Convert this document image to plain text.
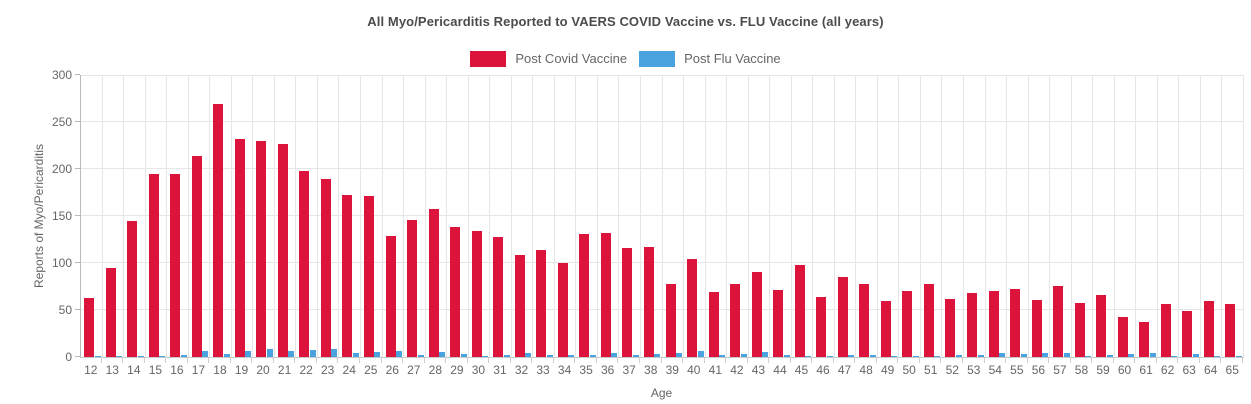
All Myo/Pericarditis Reported to VAERS COVID Vaccine vs. FLU Vaccine (all years)
Post Covid Vaccine	Post Flu Vaccine
Reports of Myo/Pericarditis
Age
0
50
100
150
200
250
300
12 13 14 15 16 17 18 19 20 21 22 23 24 25 26 27 28 29 30 31 32 33 34 35 36 37 38 39 40 41 42 43 44 45 46 47 48 49 50 51 52 53 54 55 56 57 58 59 60 61 62 63 64 65
